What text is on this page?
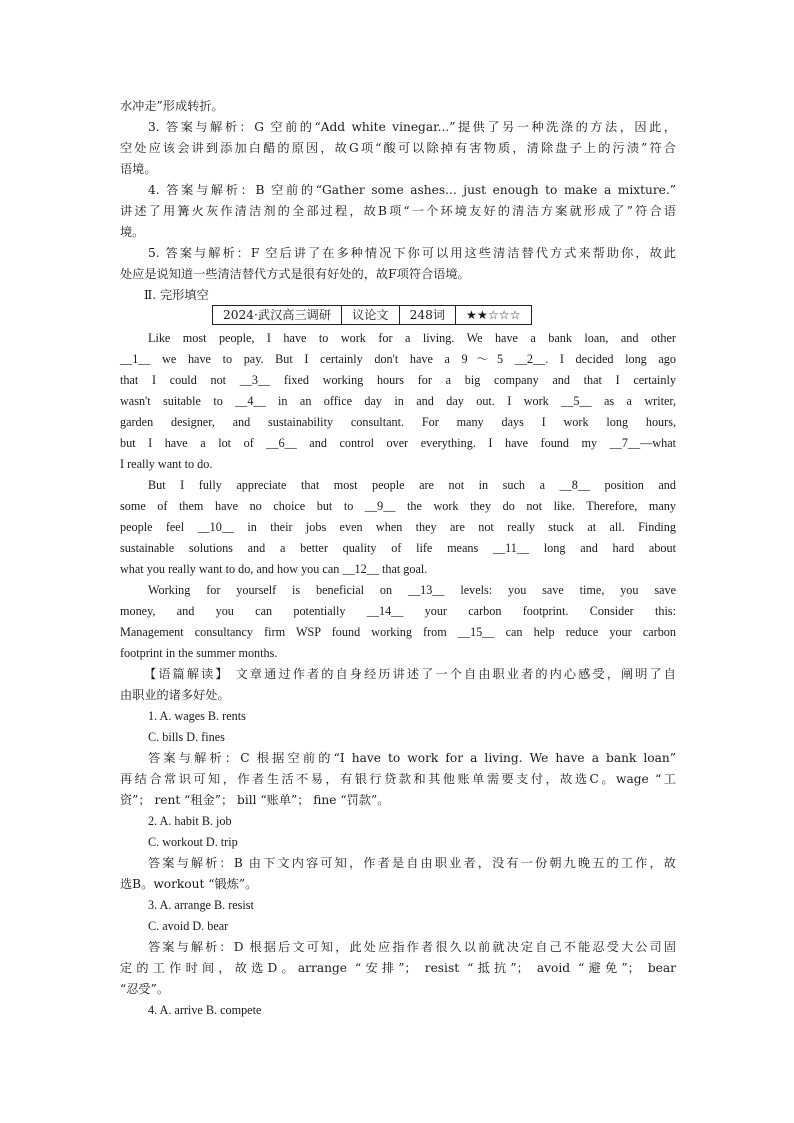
水冲走”形成转折。
3. 答案与解析：G 空前的“Add white vinegar...”提供了另一种洗涤的方法，因此，
空处应该会讲到添加白醋的原因，故G项“酸可以除掉有害物质，清除盘子上的污渍”符合
语境。
4. 答案与解析：B 空前的“Gather some ashes... just enough to make a mixture.”
讲述了用篝火灰作清洁剂的全部过程，故B项“一个环境友好的清洁方案就形成了”符合语
境。
5. 答案与解析：F 空后讲了在多种情况下你可以用这些清洁替代方式来帮助你，故此
处应是说知道一些清洁替代方式是很有好处的，故F项符合语境。
Ⅱ. 完形填空
2024·武汉高三调研	议论文	248词	★★☆☆☆
Like most people, I have to work for a living. We have a bank loan, and other
__1__ we have to pay. But I certainly don't have a 9～5 __2__. I decided long ago
that I could not __3__ fixed working hours for a big company and that I certainly
wasn't suitable to __4__ in an office day in and day out. I work __5__ as a writer,
garden designer, and sustainability consultant. For many days I work long hours,
but I have a lot of __6__ and control over everything. I have found my __7__—what
I really want to do.
But I fully appreciate that most people are not in such a __8__ position and
some of them have no choice but to __9__ the work they do not like. Therefore, many
people feel __10__ in their jobs even when they are not really stuck at all. Finding
sustainable solutions and a better quality of life means __11__ long and hard about
what you really want to do, and how you can __12__ that goal.
Working for yourself is beneficial on __13__ levels: you save time, you save
money, and you can potentially __14__ your carbon footprint. Consider this:
Management consultancy firm WSP found working from __15__ can help reduce your carbon
footprint in the summer months.
【语篇解读】 文章通过作者的自身经历讲述了一个自由职业者的内心感受，阐明了自
由职业的诸多好处。
1. A. wages B. rents
C. bills D. fines
答案与解析：C 根据空前的“I have to work for a living. We have a bank loan”
再结合常识可知，作者生活不易，有银行贷款和其他账单需要支付，故选C。wage “工
资”； rent “租金”； bill “账单”； fine “罚款”。
2. A. habit B. job
C. workout D. trip
答案与解析：B 由下文内容可知，作者是自由职业者，没有一份朝九晚五的工作，故
选B。workout “锻炼”。
3. A. arrange B. resist
C. avoid D. bear
答案与解析：D 根据后文可知，此处应指作者很久以前就决定自己不能忍受大公司固
定的工作时间，故选D。arrange “安排”； resist “抵抗”； avoid “避免”； bear
“忍受”。
4. A. arrive B. compete
